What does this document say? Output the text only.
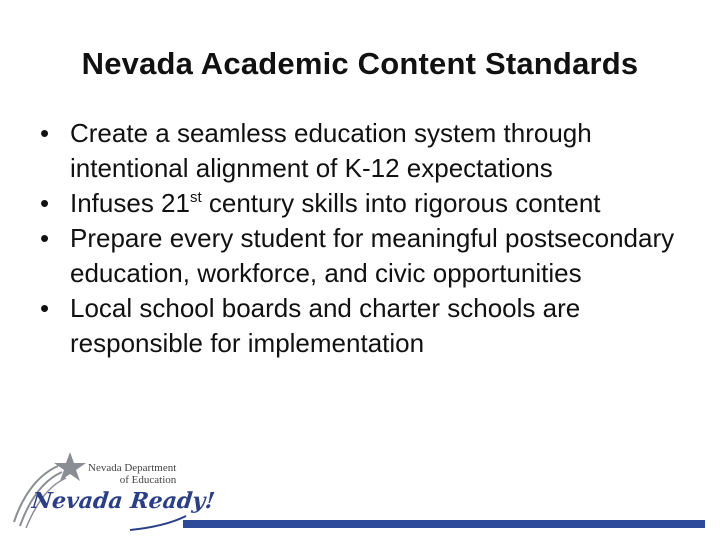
Nevada Academic Content Standards
• Create a seamless education system through intentional alignment of K-12 expectations
• Infuses 21st century skills into rigorous content
• Prepare every student for meaningful postsecondary education, workforce, and civic opportunities
• Local school boards and charter schools are responsible for implementation
Nevada Department
of Education
Nevada Ready!
